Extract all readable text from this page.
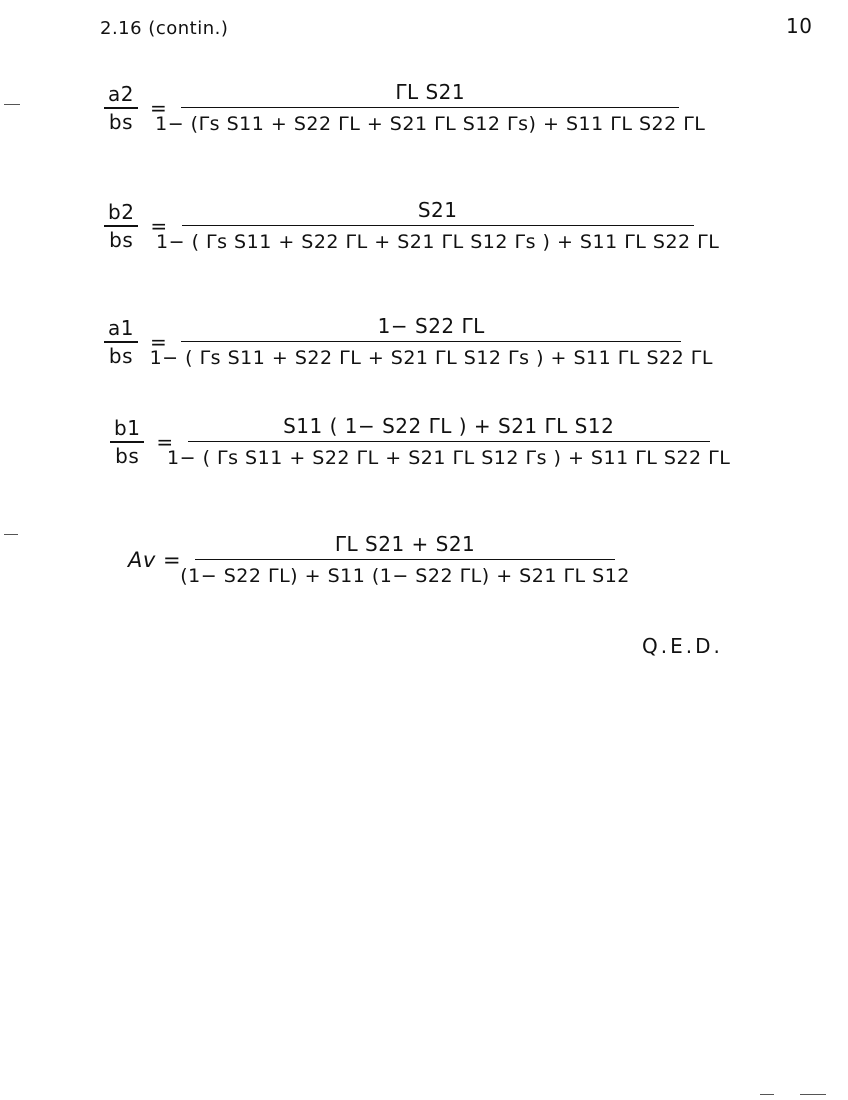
2.16 (contin.)	10
$\frac{a2}{bs} = \frac{\text{ΓL S21}}{\text{1− (Γs S11 + S22 ΓL + S21 ΓL S12 Γs) + S11 ΓL S22 ΓL}}$
$\frac{b2}{bs} = \frac{S21}{\text{1− ( Γs S11 + S22 ΓL + S21 ΓL S12 Γs ) + S11 ΓL S22 ΓL}}$
$\frac{a1}{bs} = \frac{1- S22 \Gamma L}{\text{1− ( Γs S11 + S22 ΓL + S21 ΓL S12 Γs ) + S11 ΓL S22 ΓL}}$
$\frac{b1}{bs} = \frac{\text{S11 ( 1− S22 ΓL ) + S21 ΓL S12}}{\text{1− ( Γs S11 + S22 ΓL + S21 ΓL S12 Γs ) + S11 ΓL S22 ΓL}}$
$Av = \frac{\text{ΓL S21 + S21}}{\text{(1− S22 ΓL) + S11 (1− S22 ΓL) + S21 ΓL S12}}$
Q.E.D.
